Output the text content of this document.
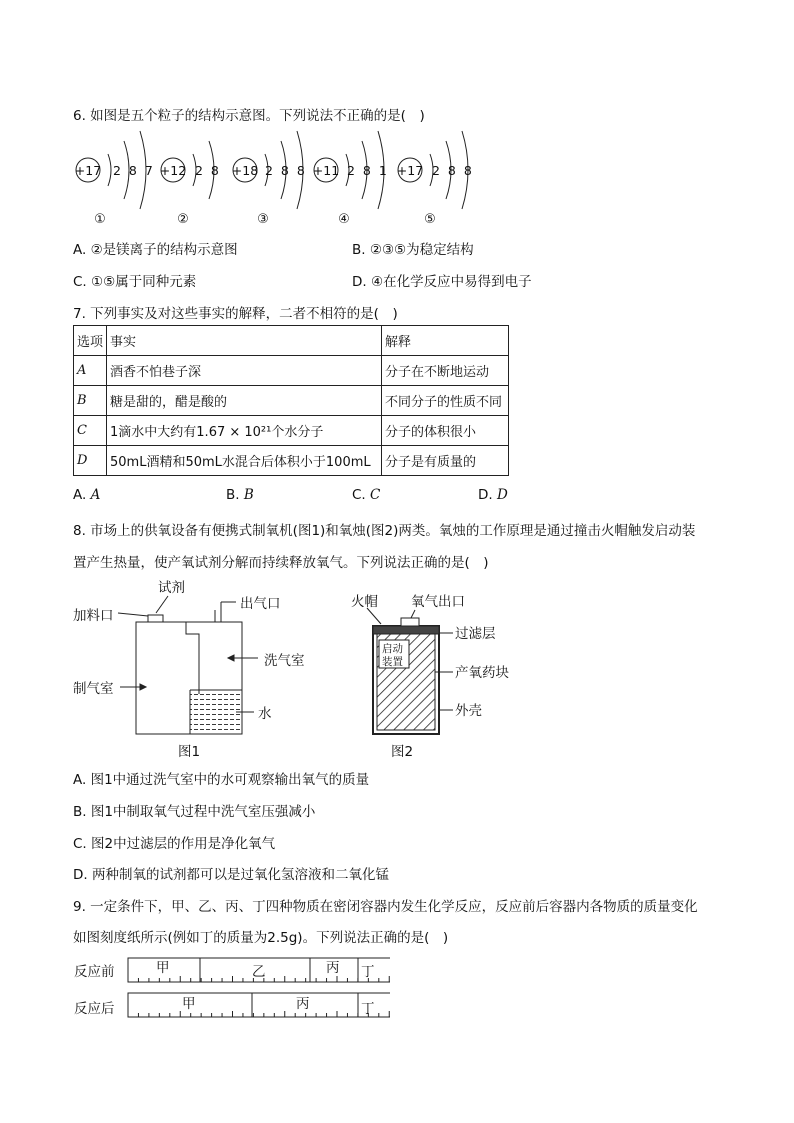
6. 如图是五个粒子的结构示意图。下列说法不正确的是(　)
+17 2 8 7 +12 2 8 +18 2 8 8 +11 2 8 1 +17 2 8 8
①	②	③	④	⑤
A. ②是镁离子的结构示意图	B. ②③⑤为稳定结构
C. ①⑤属于同种元素	D. ④在化学反应中易得到电子
7. 下列事实及对这些事实的解释，二者不相符的是(　)
选项	事实	解释
A	酒香不怕巷子深	分子在不断地运动
B	糖是甜的，醋是酸的	不同分子的性质不同
C	1滴水中大约有1.67 × 10²¹个水分子	分子的体积很小
D	50mL酒精和50mL水混合后体积小于100mL	分子是有质量的
A. A	B. B	C. C	D. D
8. 市场上的供氧设备有便携式制氧机(图1)和氧烛(图2)两类。氧烛的工作原理是通过撞击火帽触发启动装
置产生热量，使产氧试剂分解而持续释放氧气。下列说法正确的是(　)
试剂
出气口
加料口
洗气室
制气室
水
图1
火帽 氧气出口
过滤层
产氧药块
外壳
图2
启动
装置
A. 图1中通过洗气室中的水可观察输出氧气的质量
B. 图1中制取氧气过程中洗气室压强减小
C. 图2中过滤层的作用是净化氧气
D. 两种制氧的试剂都可以是过氧化氢溶液和二氧化锰
9. 一定条件下，甲、乙、丙、丁四种物质在密闭容器内发生化学反应，反应前后容器内各物质的质量变化
如图刻度纸所示(例如丁的质量为2.5g)。下列说法正确的是(　)
反应前	甲	乙	丙 丁
反应后	甲	丙	丁
